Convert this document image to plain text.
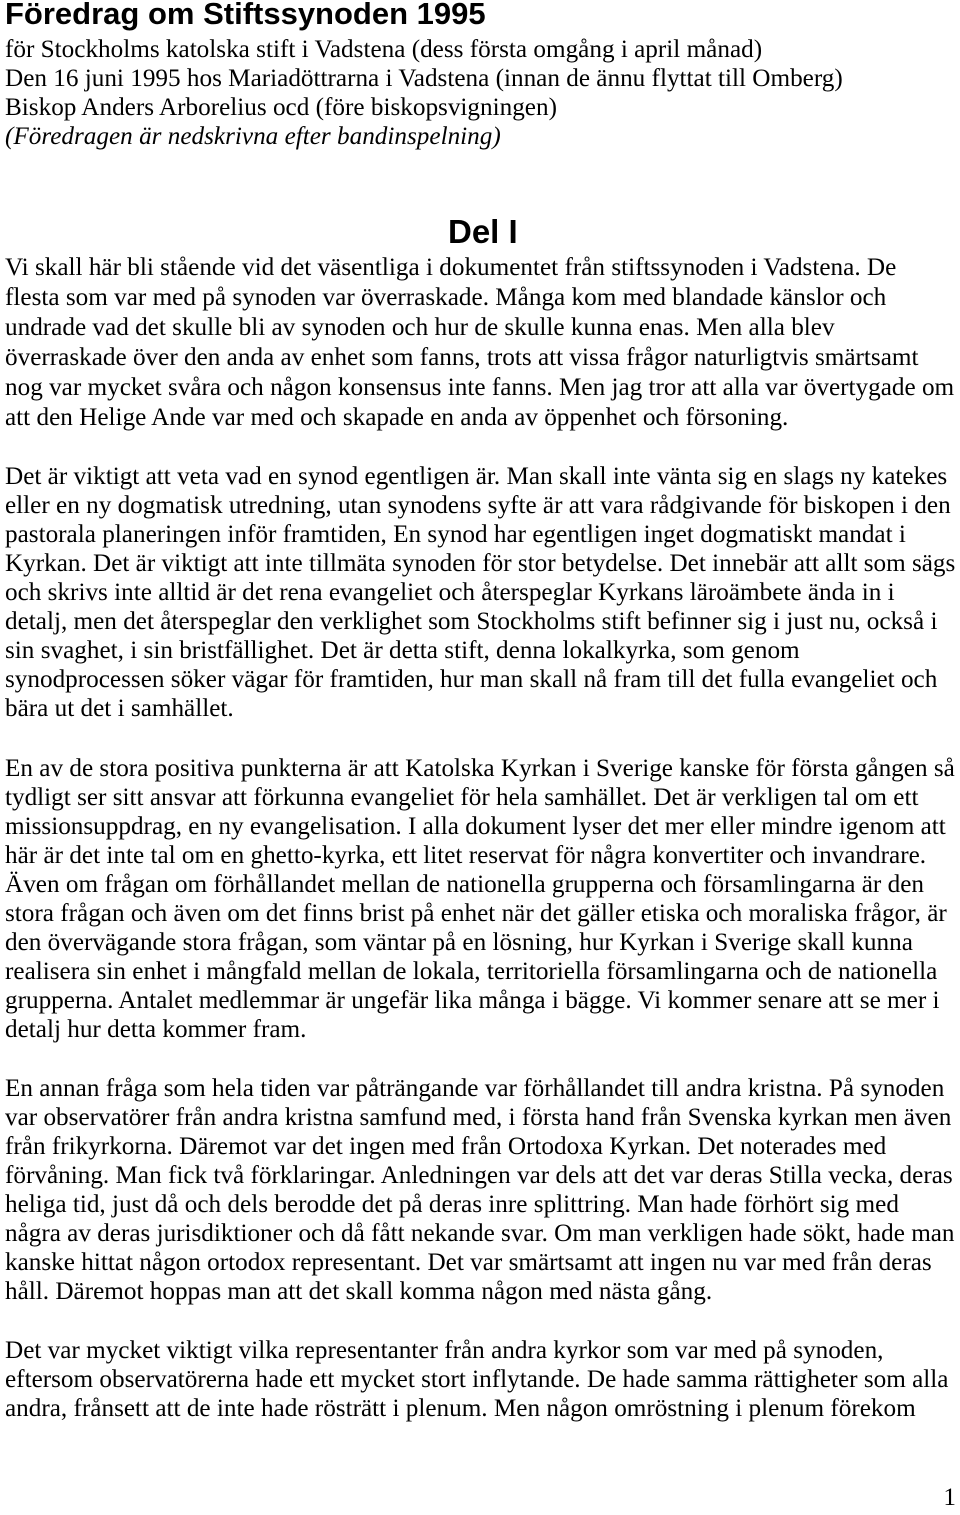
Föredrag om Stiftssynoden 1995
för Stockholms katolska stift i Vadstena (dess första omgång i april månad)
Den 16 juni 1995 hos Mariadöttrarna i Vadstena (innan de ännu flyttat till Omberg)
Biskop Anders Arborelius ocd (före biskopsvigningen)
(Föredragen är nedskrivna efter bandinspelning)
Del I
Vi skall här bli stående vid det väsentliga i dokumentet från stiftssynoden i Vadstena. De
flesta som var med på synoden var överraskade. Många kom med blandade känslor och
undrade vad det skulle bli av synoden och hur de skulle kunna enas. Men alla blev
överraskade över den anda av enhet som fanns, trots att vissa frågor naturligtvis smärtsamt
nog var mycket svåra och någon konsensus inte fanns. Men jag tror att alla var övertygade om
att den Helige Ande var med och skapade en anda av öppenhet och försoning.
Det är viktigt att veta vad en synod egentligen är. Man skall inte vänta sig en slags ny katekes
eller en ny dogmatisk utredning, utan synodens syfte är att vara rådgivande för biskopen i den
pastorala planeringen inför framtiden, En synod har egentligen inget dogmatiskt mandat i
Kyrkan. Det är viktigt att inte tillmäta synoden för stor betydelse. Det innebär att allt som sägs
och skrivs inte alltid är det rena evangeliet och återspeglar Kyrkans läroämbete ända in i
detalj, men det återspeglar den verklighet som Stockholms stift befinner sig i just nu, också i
sin svaghet, i sin bristfällighet. Det är detta stift, denna lokalkyrka, som genom
synodprocessen söker vägar för framtiden, hur man skall nå fram till det fulla evangeliet och
bära ut det i samhället.
En av de stora positiva punkterna är att Katolska Kyrkan i Sverige kanske för första gången så
tydligt ser sitt ansvar att förkunna evangeliet för hela samhället. Det är verkligen tal om ett
missionsuppdrag, en ny evangelisation. I alla dokument lyser det mer eller mindre igenom att
här är det inte tal om en ghetto-kyrka, ett litet reservat för några konvertiter och invandrare.
Även om frågan om förhållandet mellan de nationella grupperna och församlingarna är den
stora frågan och även om det finns brist på enhet när det gäller etiska och moraliska frågor, är
den övervägande stora frågan, som väntar på en lösning, hur Kyrkan i Sverige skall kunna
realisera sin enhet i mångfald mellan de lokala, territoriella församlingarna och de nationella
grupperna. Antalet medlemmar är ungefär lika många i bägge. Vi kommer senare att se mer i
detalj hur detta kommer fram.
En annan fråga som hela tiden var påträngande var förhållandet till andra kristna. På synoden
var observatörer från andra kristna samfund med, i första hand från Svenska kyrkan men även
från frikyrkorna. Däremot var det ingen med från Ortodoxa Kyrkan. Det noterades med
förvåning. Man fick två förklaringar. Anledningen var dels att det var deras Stilla vecka, deras
heliga tid, just då och dels berodde det på deras inre splittring. Man hade förhört sig med
några av deras jurisdiktioner och då fått nekande svar. Om man verkligen hade sökt, hade man
kanske hittat någon ortodox representant. Det var smärtsamt att ingen nu var med från deras
håll. Däremot hoppas man att det skall komma någon med nästa gång.
Det var mycket viktigt vilka representanter från andra kyrkor som var med på synoden,
eftersom observatörerna hade ett mycket stort inflytande. De hade samma rättigheter som alla
andra, frånsett att de inte hade rösträtt i plenum. Men någon omröstning i plenum förekom
1
